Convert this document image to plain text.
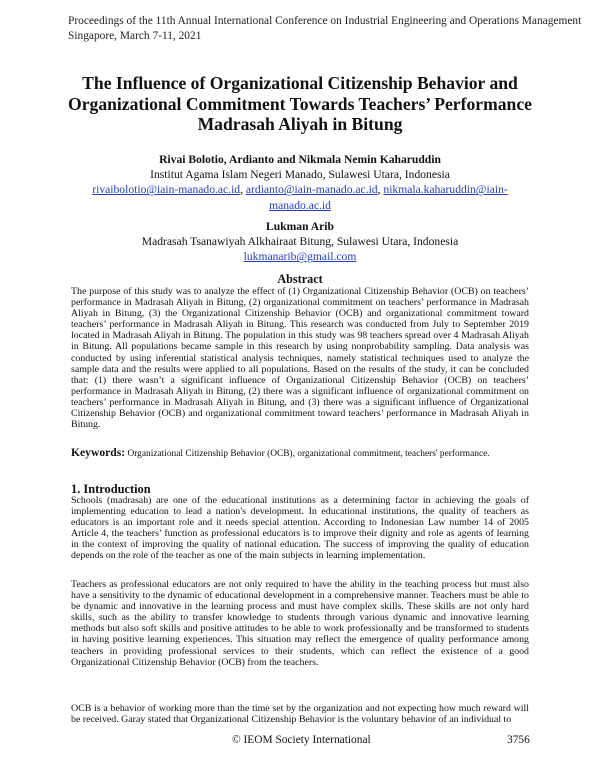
Proceedings of the 11th Annual International Conference on Industrial Engineering and Operations Management
Singapore, March 7-11, 2021
The Influence of Organizational Citizenship Behavior and Organizational Commitment Towards Teachers’ Performance Madrasah Aliyah in Bitung
Rivai Bolotio, Ardianto and Nikmala Nemin Kaharuddin
Institut Agama Islam Negeri Manado, Sulawesi Utara, Indonesia
rivaibolotio@iain-manado.ac.id, ardianto@iain-manado.ac.id, nikmala.kaharuddin@iain-manado.ac.id
Lukman Arib
Madrasah Tsanawiyah Alkhairaat Bitung, Sulawesi Utara, Indonesia
lukmanarib@gmail.com
Abstract
The purpose of this study was to analyze the effect of (1) Organizational Citizenship Behavior (OCB) on teachers’ performance in Madrasah Aliyah in Bitung, (2) organizational commitment on teachers’ performance in Madrasah Aliyah in Bitung, (3) the Organizational Citizenship Behavior (OCB) and organizational commitment toward teachers’ performance in Madrasah Aliyah in Bitung. This research was conducted from July to September 2019 located in Madrasah Aliyah in Bitung. The population in this study was 98 teachers spread over 4 Madrasah Aliyah in Bitung. All populations became sample in this research by using nonprobability sampling. Data analysis was conducted by using inferential statistical analysis techniques, namely statistical techniques used to analyze the sample data and the results were applied to all populations. Based on the results of the study, it can be concluded that: (1) there wasn’t a significant influence of Organizational Citizenship Behavior (OCB) on teachers’ performance in Madrasah Aliyah in Bitung, (2) there was a significant influence of organizational commitment on teachers’ performance in Madrasah Aliyah in Bitung, and (3) there was a significant influence of Organizational Citizenship Behavior (OCB) and organizational commitment toward teachers’ performance in Madrasah Aliyah in Bitung.
Keywords: Organizational Citizenship Behavior (OCB), organizational commitment, teachers' performance.
1. Introduction
Schools (madrasah) are one of the educational institutions as a determining factor in achieving the goals of implementing education to lead a nation's development. In educational institutions, the quality of teachers as educators is an important role and it needs special attention. According to Indonesian Law number 14 of 2005 Article 4, the teachers’ function as professional educators is to improve their dignity and role as agents of learning in the context of improving the quality of national education. The success of improving the quality of education depends on the role of the teacher as one of the main subjects in learning implementation.
Teachers as professional educators are not only required to have the ability in the teaching process but must also have a sensitivity to the dynamic of educational development in a comprehensive manner. Teachers must be able to be dynamic and innovative in the learning process and must have complex skills. These skills are not only hard skills, such as the ability to transfer knowledge to students through various dynamic and innovative learning methods but also soft skills and positive attitudes to be able to work professionally and be transformed to students in having positive learning experiences. This situation may reflect the emergence of quality performance among teachers in providing professional services to their students, which can reflect the existence of a good Organizational Citizenship Behavior (OCB) from the teachers.
OCB is a behavior of working more than the time set by the organization and not expecting how much reward will be received. Garay stated that Organizational Citizenship Behavior is the voluntary behavior of an individual to
© IEOM Society International	3756
